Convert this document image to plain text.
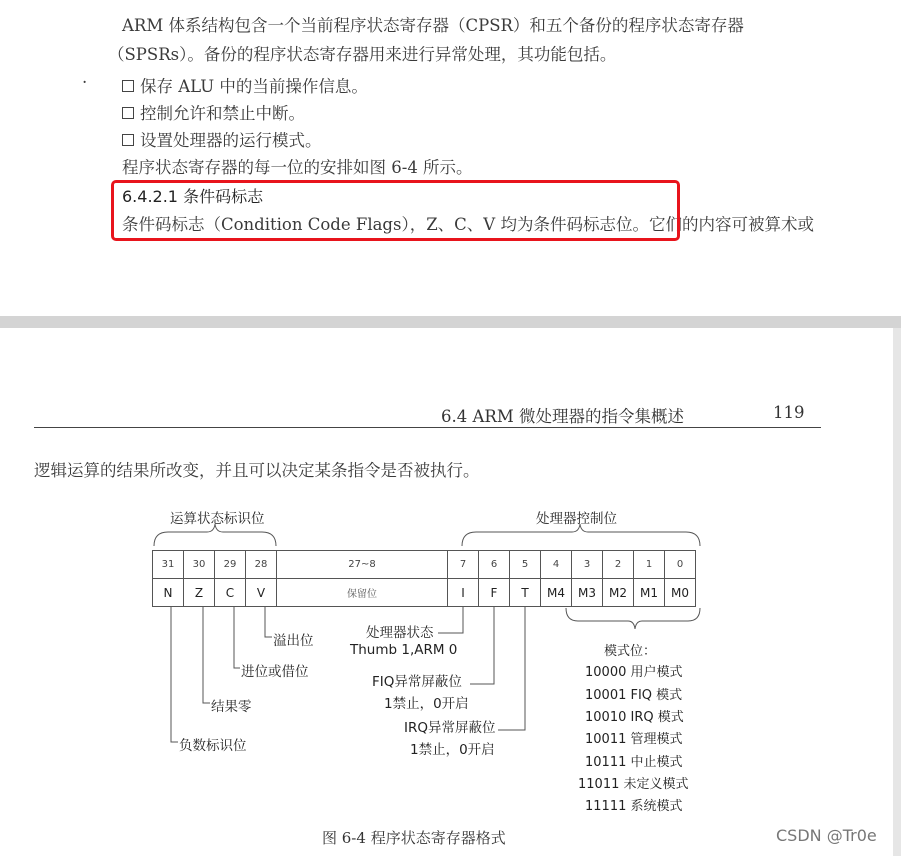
ARM 体系结构包含一个当前程序状态寄存器（CPSR）和五个备份的程序状态寄存器
（SPSRs）。备份的程序状态寄存器用来进行异常处理，其功能包括。
.	保存 ALU 中的当前操作信息。
控制允许和禁止中断。
设置处理器的运行模式。
程序状态寄存器的每一位的安排如图 6-4 所示。
6.4.2.1 条件码标志
条件码标志（Condition Code Flags），Z、C、V 均为条件码标志位。它们的内容可被算术或
6.4 ARM 微处理器的指令集概述	119
逻辑运算的结果所改变，并且可以决定某条指令是否被执行。
运算状态标识位	处理器控制位
31	30	29	28	27~8	7	6	5	4	3	2	1	0
N	Z	C	V	保留位	I	F	T	M4	M3	M2	M1	M0
溢出位
进位或借位
结果零
负数标识位
处理器状态
Thumb 1,ARM 0
FIQ异常屏蔽位
1禁止，0开启
IRQ异常屏蔽位
1禁止，0开启
模式位：
10000 用户模式
10001 FIQ 模式
10010 IRQ 模式
10011 管理模式
10111 中止模式
11011 未定义模式
11111 系统模式
图 6-4 程序状态寄存器格式	CSDN @Tr0e
